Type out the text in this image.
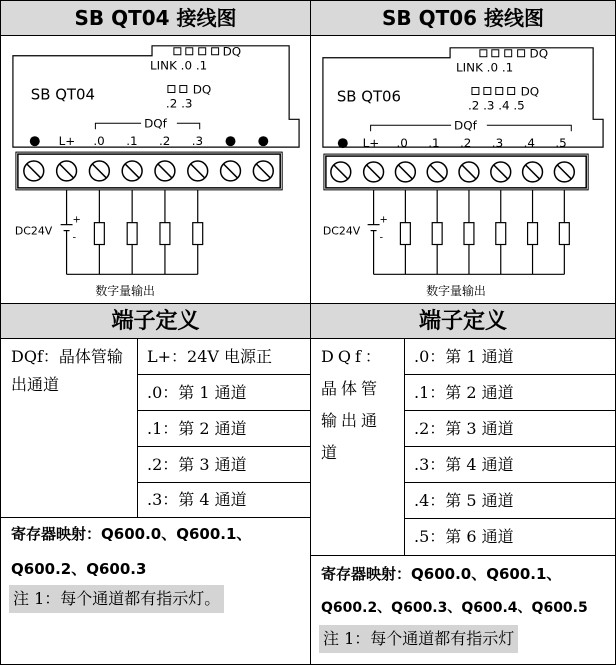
SB QT04 接线图
DQ
LINK .0 .1
SB QT04	DQ
.2 .3
DQf
L+ .0 .1 .2 .3
+
-
DC24V
数字量输出
端子定义
DQf：晶体管输出通道
L+：24V 电源正
.0：第 1 通道
.1：第 2 通道
.2：第 3 通道
.3：第 4 通道
寄存器映射：Q600.0、Q600.1、
Q600.2、Q600.3
注 1：每个通道都有指示灯。
SB QT06 接线图
DQ
LINK .0 .1
SB QT06	DQ
.2 .3 .4 .5
DQf
L+ .0 .1 .2 .3 .4 .5
+
-
DC24V
数字量输出
端子定义
DQf：晶体管输出通道
.0：第 1 通道
.1：第 2 通道
.2：第 3 通道
.3：第 4 通道
.4：第 5 通道
.5：第 6 通道
寄存器映射：Q600.0、Q600.1、
Q600.2、Q600.3、Q600.4、Q600.5
注 1：每个通道都有指示灯
